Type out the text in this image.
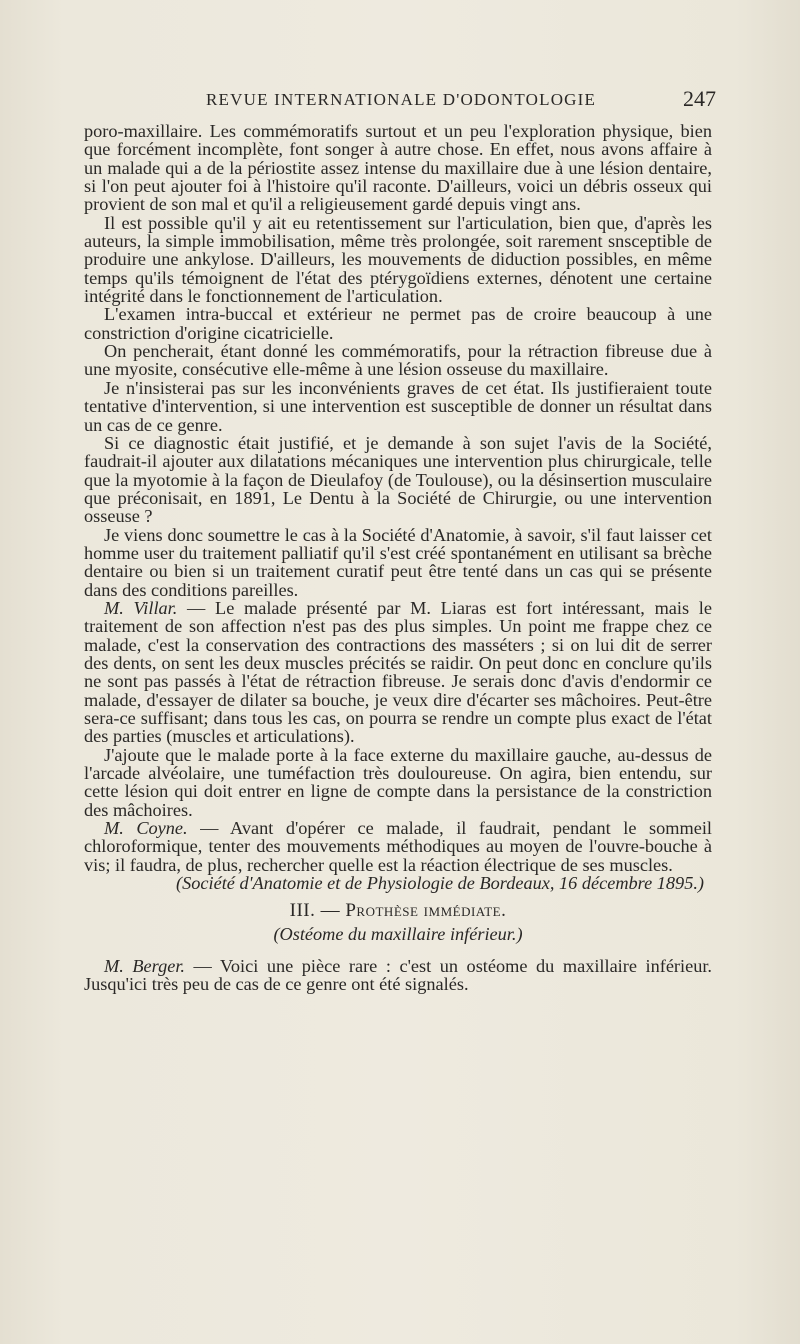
REVUE INTERNATIONALE D'ODONTOLOGIE	247

poro-maxillaire. Les commémoratifs surtout et un peu l'exploration physique, bien que forcément incomplète, font songer à autre chose. En effet, nous avons affaire à un malade qui a de la périostite assez intense du maxillaire due à une lésion dentaire, si l'on peut ajouter foi à l'histoire qu'il raconte. D'ailleurs, voici un débris osseux qui provient de son mal et qu'il a religieusement gardé depuis vingt ans.

Il est possible qu'il y ait eu retentissement sur l'articulation, bien que, d'après les auteurs, la simple immobilisation, même très prolongée, soit rarement snsceptible de produire une ankylose. D'ailleurs, les mouvements de diduction possibles, en même temps qu'ils témoignent de l'état des ptérygoïdiens externes, dénotent une certaine intégrité dans le fonctionnement de l'articulation.

L'examen intra-buccal et extérieur ne permet pas de croire beaucoup à une constriction d'origine cicatricielle.

On pencherait, étant donné les commémoratifs, pour la rétraction fibreuse due à une myosite, consécutive elle-même à une lésion osseuse du maxillaire.

Je n'insisterai pas sur les inconvénients graves de cet état. Ils justifieraient toute tentative d'intervention, si une intervention est susceptible de donner un résultat dans un cas de ce genre.

Si ce diagnostic était justifié, et je demande à son sujet l'avis de la Société, faudrait-il ajouter aux dilatations mécaniques une intervention plus chirurgicale, telle que la myotomie à la façon de Dieulafoy (de Toulouse), ou la désinsertion musculaire que préconisait, en 1891, Le Dentu à la Société de Chirurgie, ou une intervention osseuse ?

Je viens donc soumettre le cas à la Société d'Anatomie, à savoir, s'il faut laisser cet homme user du traitement palliatif qu'il s'est créé spontanément en utilisant sa brèche dentaire ou bien si un traitement curatif peut être tenté dans un cas qui se présente dans des conditions pareilles.

M. Villar. — Le malade présenté par M. Liaras est fort intéressant, mais le traitement de son affection n'est pas des plus simples. Un point me frappe chez ce malade, c'est la conservation des contractions des masséters ; si on lui dit de serrer des dents, on sent les deux muscles précités se raidir. On peut donc en conclure qu'ils ne sont pas passés à l'état de rétraction fibreuse. Je serais donc d'avis d'endormir ce malade, d'essayer de dilater sa bouche, je veux dire d'écarter ses mâchoires. Peut-être sera-ce suffisant; dans tous les cas, on pourra se rendre un compte plus exact de l'état des parties (muscles et articulations).

J'ajoute que le malade porte à la face externe du maxillaire gauche, au-dessus de l'arcade alvéolaire, une tuméfaction très douloureuse. On agira, bien entendu, sur cette lésion qui doit entrer en ligne de compte dans la persistance de la constriction des mâchoires.

M. Coyne. — Avant d'opérer ce malade, il faudrait, pendant le sommeil chloroformique, tenter des mouvements méthodiques au moyen de l'ouvre-bouche à vis; il faudra, de plus, rechercher quelle est la réaction électrique de ses muscles.

(Société d'Anatomie et de Physiologie de Bordeaux, 16 décembre 1895.)

III. — Prothèse immédiate.

(Ostéome du maxillaire inférieur.)

M. Berger. — Voici une pièce rare : c'est un ostéome du maxillaire inférieur. Jusqu'ici très peu de cas de ce genre ont été signalés.
